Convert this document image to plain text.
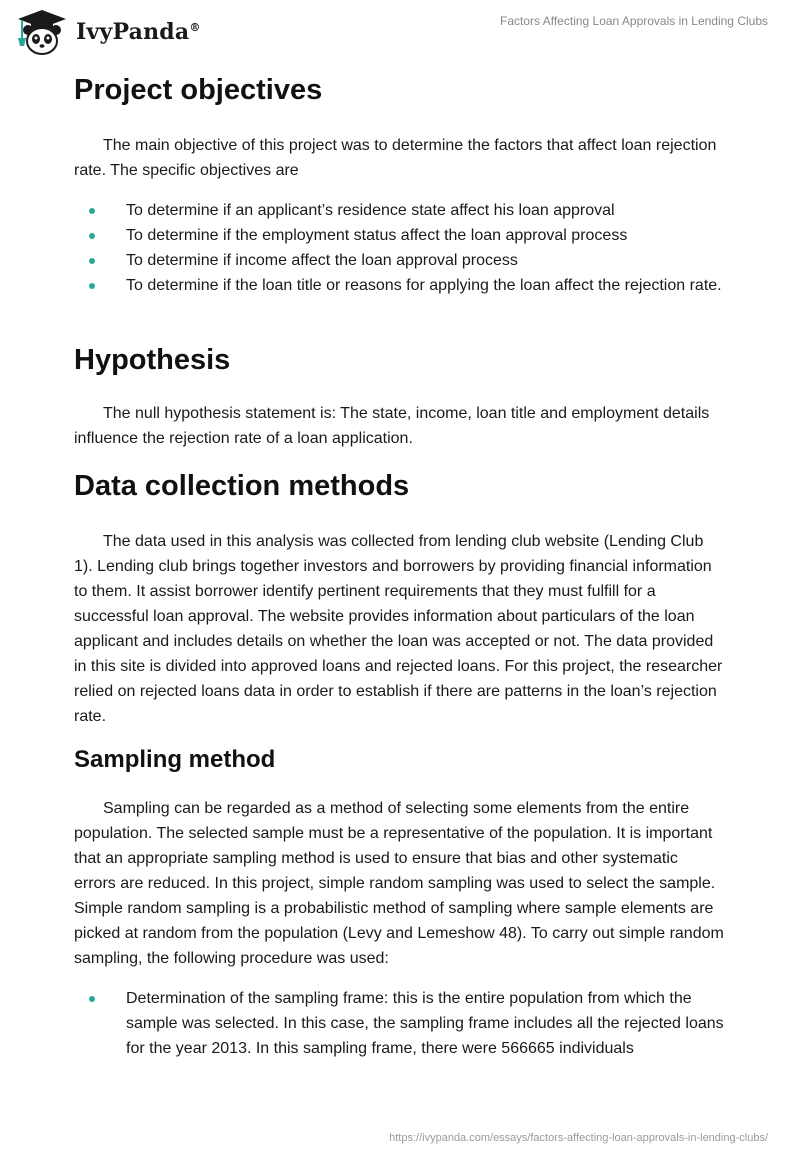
IvyPanda®	Factors Affecting Loan Approvals in Lending Clubs
Project objectives

The main objective of this project was to determine the factors that affect loan rejection rate. The specific objectives are

To determine if an applicant’s residence state affect his loan approval
To determine if the employment status affect the loan approval process
To determine if income affect the loan approval process
To determine if the loan title or reasons for applying the loan affect the rejection rate.
Hypothesis

The null hypothesis statement is: The state, income, loan title and employment details influence the rejection rate of a loan application.

Data collection methods

The data used in this analysis was collected from lending club website (Lending Club 1). Lending club brings together investors and borrowers by providing financial information to them. It assist borrower identify pertinent requirements that they must fulfill for a successful loan approval. The website provides information about particulars of the loan applicant and includes details on whether the loan was accepted or not. The data provided in this site is divided into approved loans and rejected loans. For this project, the researcher relied on rejected loans data in order to establish if there are patterns in the loan’s rejection rate.

Sampling method

Sampling can be regarded as a method of selecting some elements from the entire population. The selected sample must be a representative of the population. It is important that an appropriate sampling method is used to ensure that bias and other systematic errors are reduced. In this project, simple random sampling was used to select the sample. Simple random sampling is a probabilistic method of sampling where sample elements are picked at random from the population (Levy and Lemeshow 48). To carry out simple random sampling, the following procedure was used:

Determination of the sampling frame: this is the entire population from which the sample was selected. In this case, the sampling frame includes all the rejected loans for the year 2013. In this sampling frame, there were 566665 individuals
https://ivypanda.com/essays/factors-affecting-loan-approvals-in-lending-clubs/
